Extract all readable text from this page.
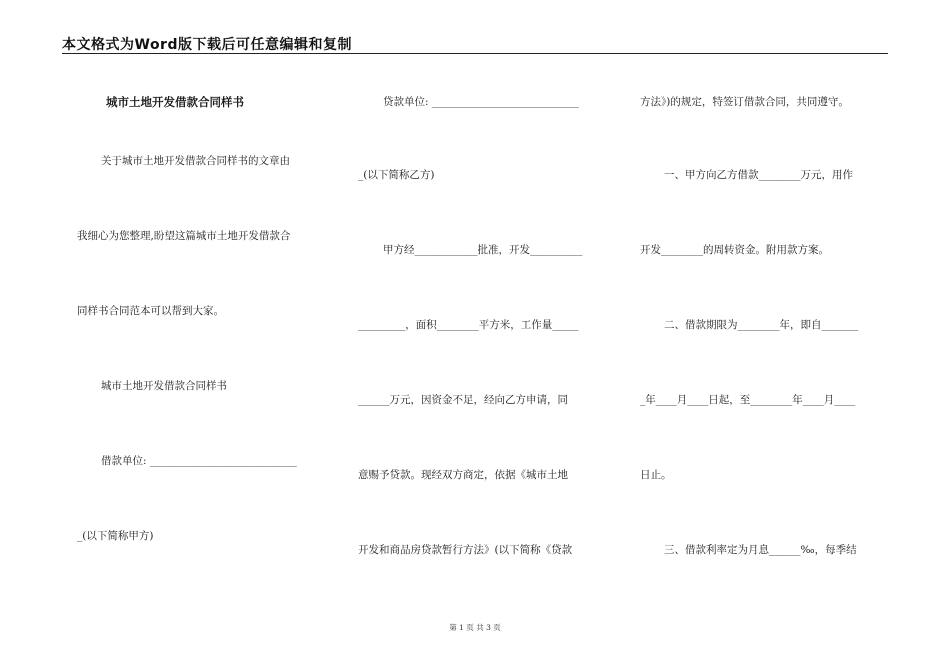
本文格式为Word版下载后可任意编辑和复制
城市土地开发借款合同样书
关于城市土地开发借款合同样书的文章由
我细心为您整理,盼望这篇城市土地开发借款合
同样书合同范本可以帮到大家。
城市土地开发借款合同样书
借款单位: ____________________________
_(以下简称甲方)
贷款单位: ____________________________
_(以下简称乙方)
甲方经____________批准，开发__________
_________，面积________平方米，工作量_____
______万元，因资金不足，经向乙方申请，同
意赐予贷款。现经双方商定，依据《城市土地
开发和商品房贷款暂行方法》(以下简称《贷款
方法》)的规定，特签订借款合同，共同遵守。
一、甲方向乙方借款________万元，用作
开发________的周转资金。附用款方案。
二、借款期限为________年，即自_______
_年____月____日起，至________年____月____
日止。
三、借款利率定为月息______‰，每季结
第 1 页 共 3 页
